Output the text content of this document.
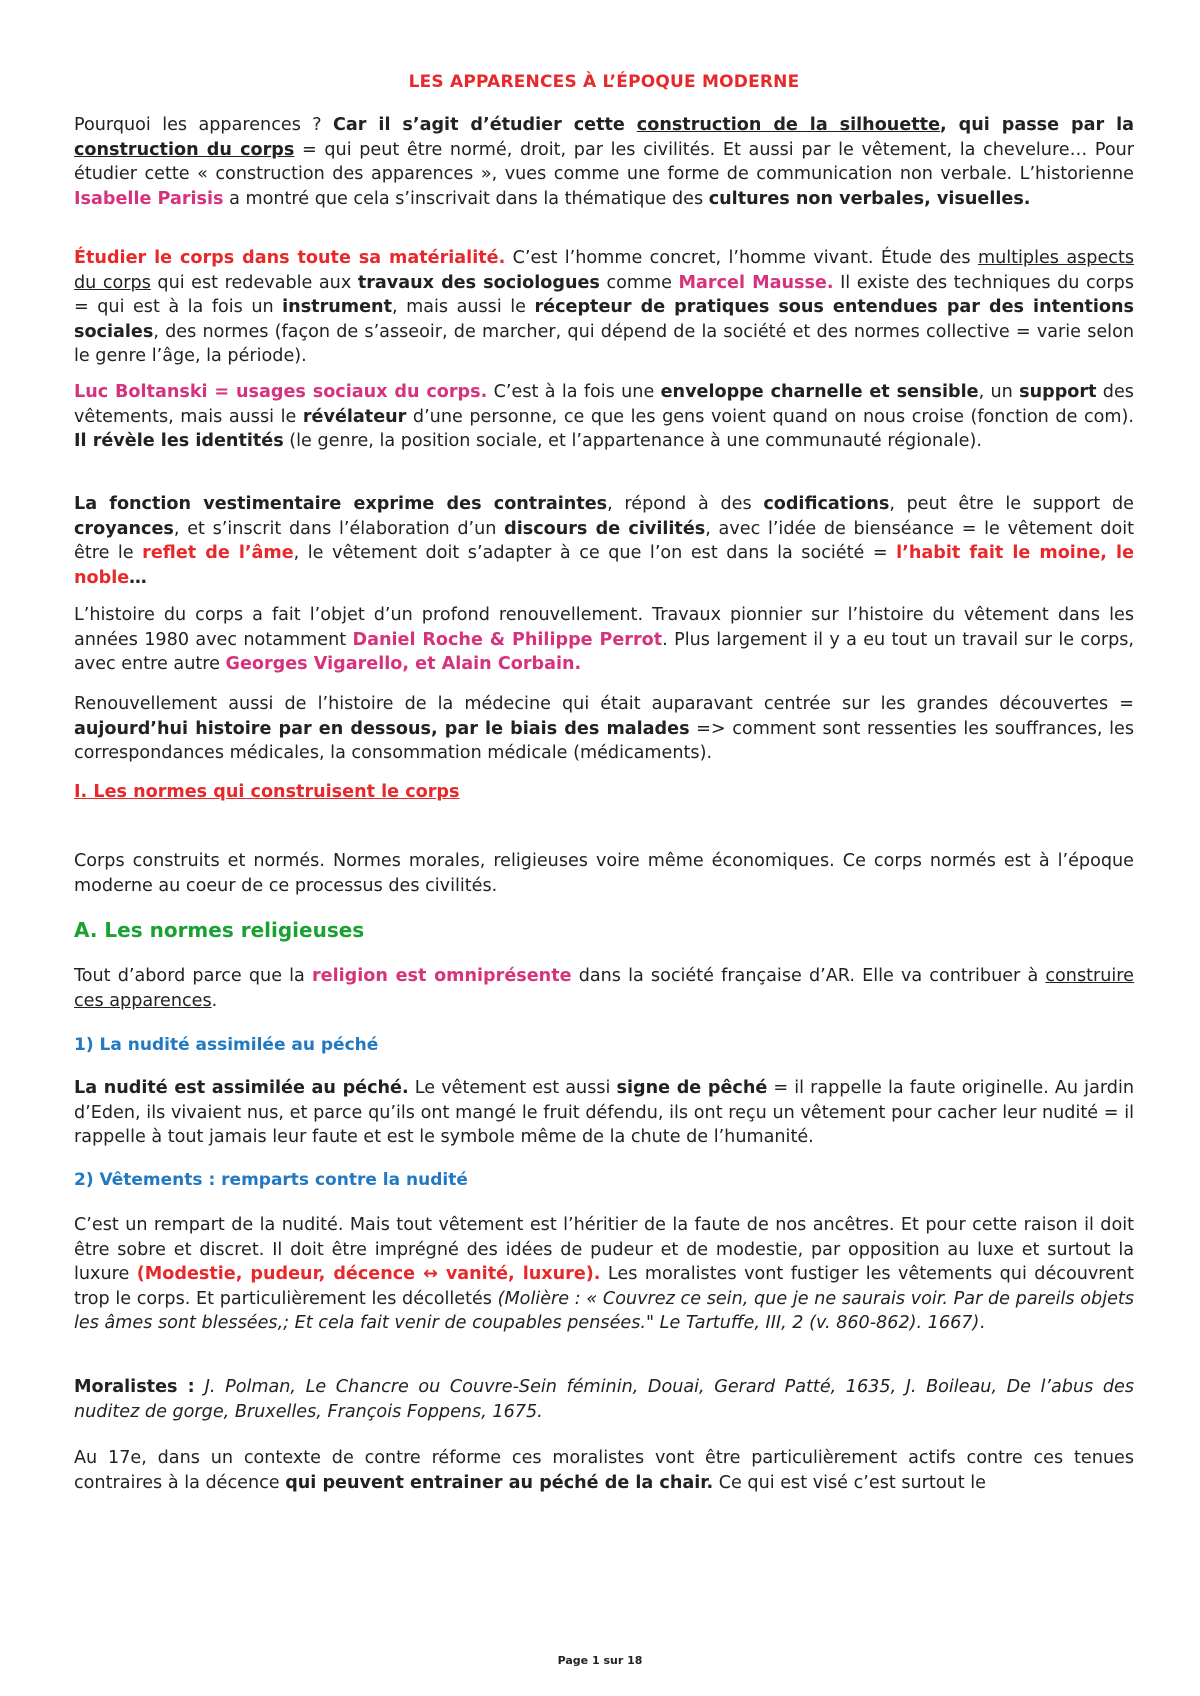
LES APPARENCES À L’ÉPOQUE MODERNE
Pourquoi les apparences ? Car il s’agit d’étudier cette construction de la silhouette, qui passe par la construction du corps = qui peut être normé, droit, par les civilités. Et aussi par le vêtement, la chevelure… Pour étudier cette « construction des apparences », vues comme une forme de communication non verbale. L’historienne Isabelle Parisis a montré que cela s’inscrivait dans la thématique des cultures non verbales, visuelles.
Étudier le corps dans toute sa matérialité. C’est l’homme concret, l’homme vivant. Étude des multiples aspects du corps qui est redevable aux travaux des sociologues comme Marcel Mausse. Il existe des techniques du corps = qui est à la fois un instrument, mais aussi le récepteur de pratiques sous entendues par des intentions sociales, des normes (façon de s’asseoir, de marcher, qui dépend de la société et des normes collective = varie selon le genre l’âge, la période).
Luc Boltanski = usages sociaux du corps. C’est à la fois une enveloppe charnelle et sensible, un support des vêtements, mais aussi le révélateur d’une personne, ce que les gens voient quand on nous croise (fonction de com). Il révèle les identités (le genre, la position sociale, et l’appartenance à une communauté régionale).
La fonction vestimentaire exprime des contraintes, répond à des codifications, peut être le support de croyances, et s’inscrit dans l’élaboration d’un discours de civilités, avec l’idée de bienséance = le vêtement doit être le reflet de l’âme, le vêtement doit s’adapter à ce que l’on est dans la société = l’habit fait le moine, le noble…
L’histoire du corps a fait l’objet d’un profond renouvellement. Travaux pionnier sur l’histoire du vêtement dans les années 1980 avec notamment Daniel Roche & Philippe Perrot. Plus largement il y a eu tout un travail sur le corps, avec entre autre Georges Vigarello, et Alain Corbain.
Renouvellement aussi de l’histoire de la médecine qui était auparavant centrée sur les grandes découvertes = aujourd’hui histoire par en dessous, par le biais des malades => comment sont ressenties les souffrances, les correspondances médicales, la consommation médicale (médicaments).
I. Les normes qui construisent le corps
Corps construits et normés. Normes morales, religieuses voire même économiques. Ce corps normés est à l’époque moderne au coeur de ce processus des civilités.
A. Les normes religieuses
Tout d’abord parce que la religion est omniprésente dans la société française d’AR. Elle va contribuer à construire ces apparences.
1) La nudité assimilée au péché
La nudité est assimilée au péché. Le vêtement est aussi signe de pêché = il rappelle la faute originelle. Au jardin d’Eden, ils vivaient nus, et parce qu’ils ont mangé le fruit défendu, ils ont reçu un vêtement pour cacher leur nudité = il rappelle à tout jamais leur faute et est le symbole même de la chute de l’humanité.
2) Vêtements : remparts contre la nudité
C’est un rempart de la nudité. Mais tout vêtement est l’héritier de la faute de nos ancêtres. Et pour cette raison il doit être sobre et discret. Il doit être imprégné des idées de pudeur et de modestie, par opposition au luxe et surtout la luxure (Modestie, pudeur, décence ↔ vanité, luxure). Les moralistes vont fustiger les vêtements qui découvrent trop le corps. Et particulièrement les décolletés (Molière : « Couvrez ce sein, que je ne saurais voir. Par de pareils objets les âmes sont blessées,; Et cela fait venir de coupables pensées." Le Tartuffe, III, 2 (v. 860-862). 1667).
Moralistes : J. Polman, Le Chancre ou Couvre-Sein féminin, Douai, Gerard Patté, 1635, J. Boileau, De l’abus des nuditez de gorge, Bruxelles, François Foppens, 1675.
Au 17e, dans un contexte de contre réforme ces moralistes vont être particulièrement actifs contre ces tenues contraires à la décence qui peuvent entrainer au péché de la chair. Ce qui est visé c’est surtout le
Page 1 sur 18
